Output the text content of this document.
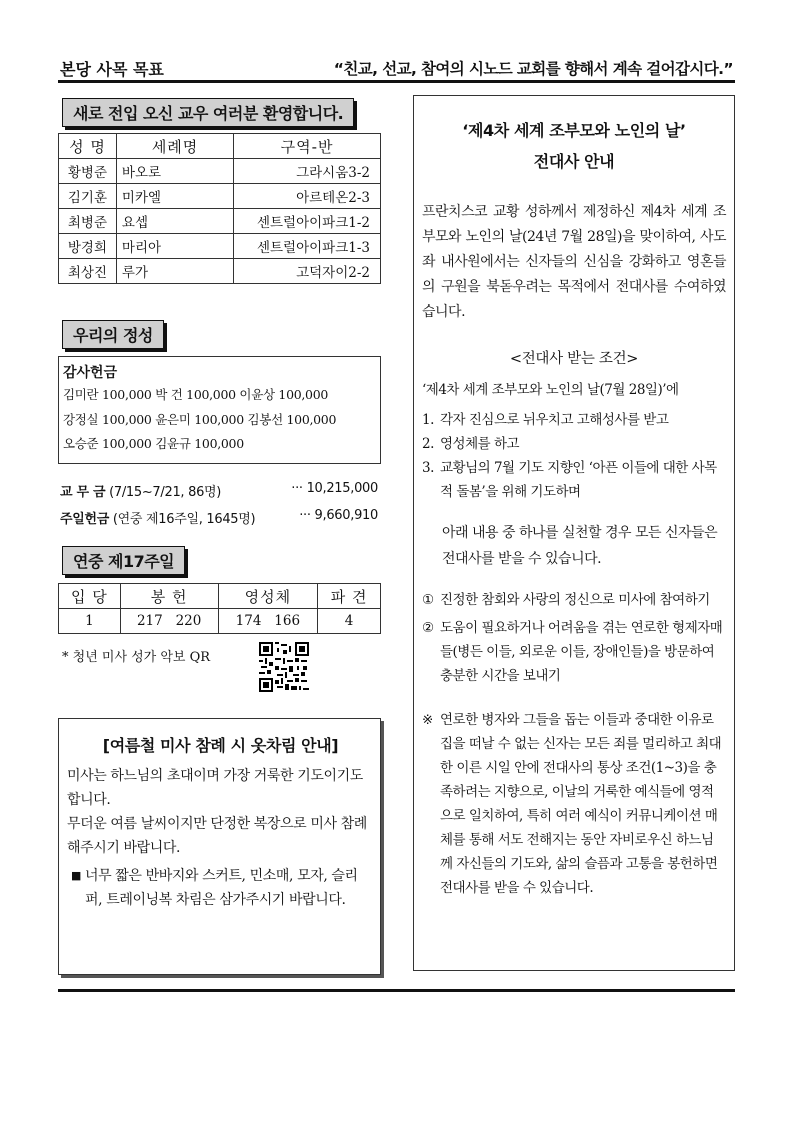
본당 사목 목표	“친교, 선교, 참여의 시노드 교회를 향해서 계속 걸어갑시다.”
새로 전입 오신 교우 여러분 환영합니다.
성 명	세례명	구역-반
황병준	바오로	그라시움3-2
김기훈	미카엘	아르테온2-3
최병준	요셉	센트럴아이파크1-2
방경희	마리아	센트럴아이파크1-3
최상진	루가	고덕자이2-2
우리의 정성
감사헌금
김미란 100,000 박 건 100,000 이윤상 100,000
강정실 100,000 윤은미 100,000 김봉선 100,000
오승준 100,000 김윤규 100,000
교 무 금 (7/15~7/21, 86명)	··· 10,215,000
주일헌금 (연중 제16주일, 1645명)	··· 9,660,910
연중 제17주일
입 당	봉 헌	영성체	파 견
1	217   220	174   166	4
* 청년 미사 성가 악보 QR
[여름철 미사 참례 시 옷차림 안내]

미사는 하느님의 초대이며 가장 거룩한 기도이기도 합니다.

무더운 여름 날씨이지만 단정한 복장으로 미사 참례 해주시기 바랍니다.

■ 너무 짧은 반바지와 스커트, 민소매, 모자, 슬리퍼, 트레이닝복 차림은 삼가주시기 바랍니다.

‘제4차 세계 조부모와 노인의 날’
전대사 안내
프란치스코 교황 성하께서 제정하신 제4차 세계 조부모와 노인의 날(24년 7월 28일)을 맞이하여, 사도좌 내사원에서는 신자들의 신심을 강화하고 영혼들의 구원을 북돋우려는 목적에서 전대사를 수여하였습니다.
<전대사 받는 조건>
‘제4차 세계 조부모와 노인의 날(7월 28일)’에
1. 각자 진심으로 뉘우치고 고해성사를 받고
2. 영성체를 하고
3. 교황님의 7월 기도 지향인 ‘아픈 이들에 대한 사목적 돌봄’을 위해 기도하며
아래 내용 중 하나를 실천할 경우 모든 신자들은 전대사를 받을 수 있습니다.
① 진정한 참회와 사랑의 정신으로 미사에 참여하기
② 도움이 필요하거나 어려움을 겪는 연로한 형제자매들(병든 이들, 외로운 이들, 장애인들)을 방문하여 충분한 시간을 보내기
※ 연로한 병자와 그들을 돕는 이들과 중대한 이유로 집을 떠날 수 없는 신자는 모든 죄를 멀리하고 최대한 이른 시일 안에 전대사의 통상 조건(1~3)을 충족하려는 지향으로, 이날의 거룩한 예식들에 영적으로 일치하여, 특히 여러 예식이 커뮤니케이션 매체를 통해 서도 전해지는 동안 자비로우신 하느님께 자신들의 기도와, 삶의 슬픔과 고통을 봉헌하면 전대사를 받을 수 있습니다.
